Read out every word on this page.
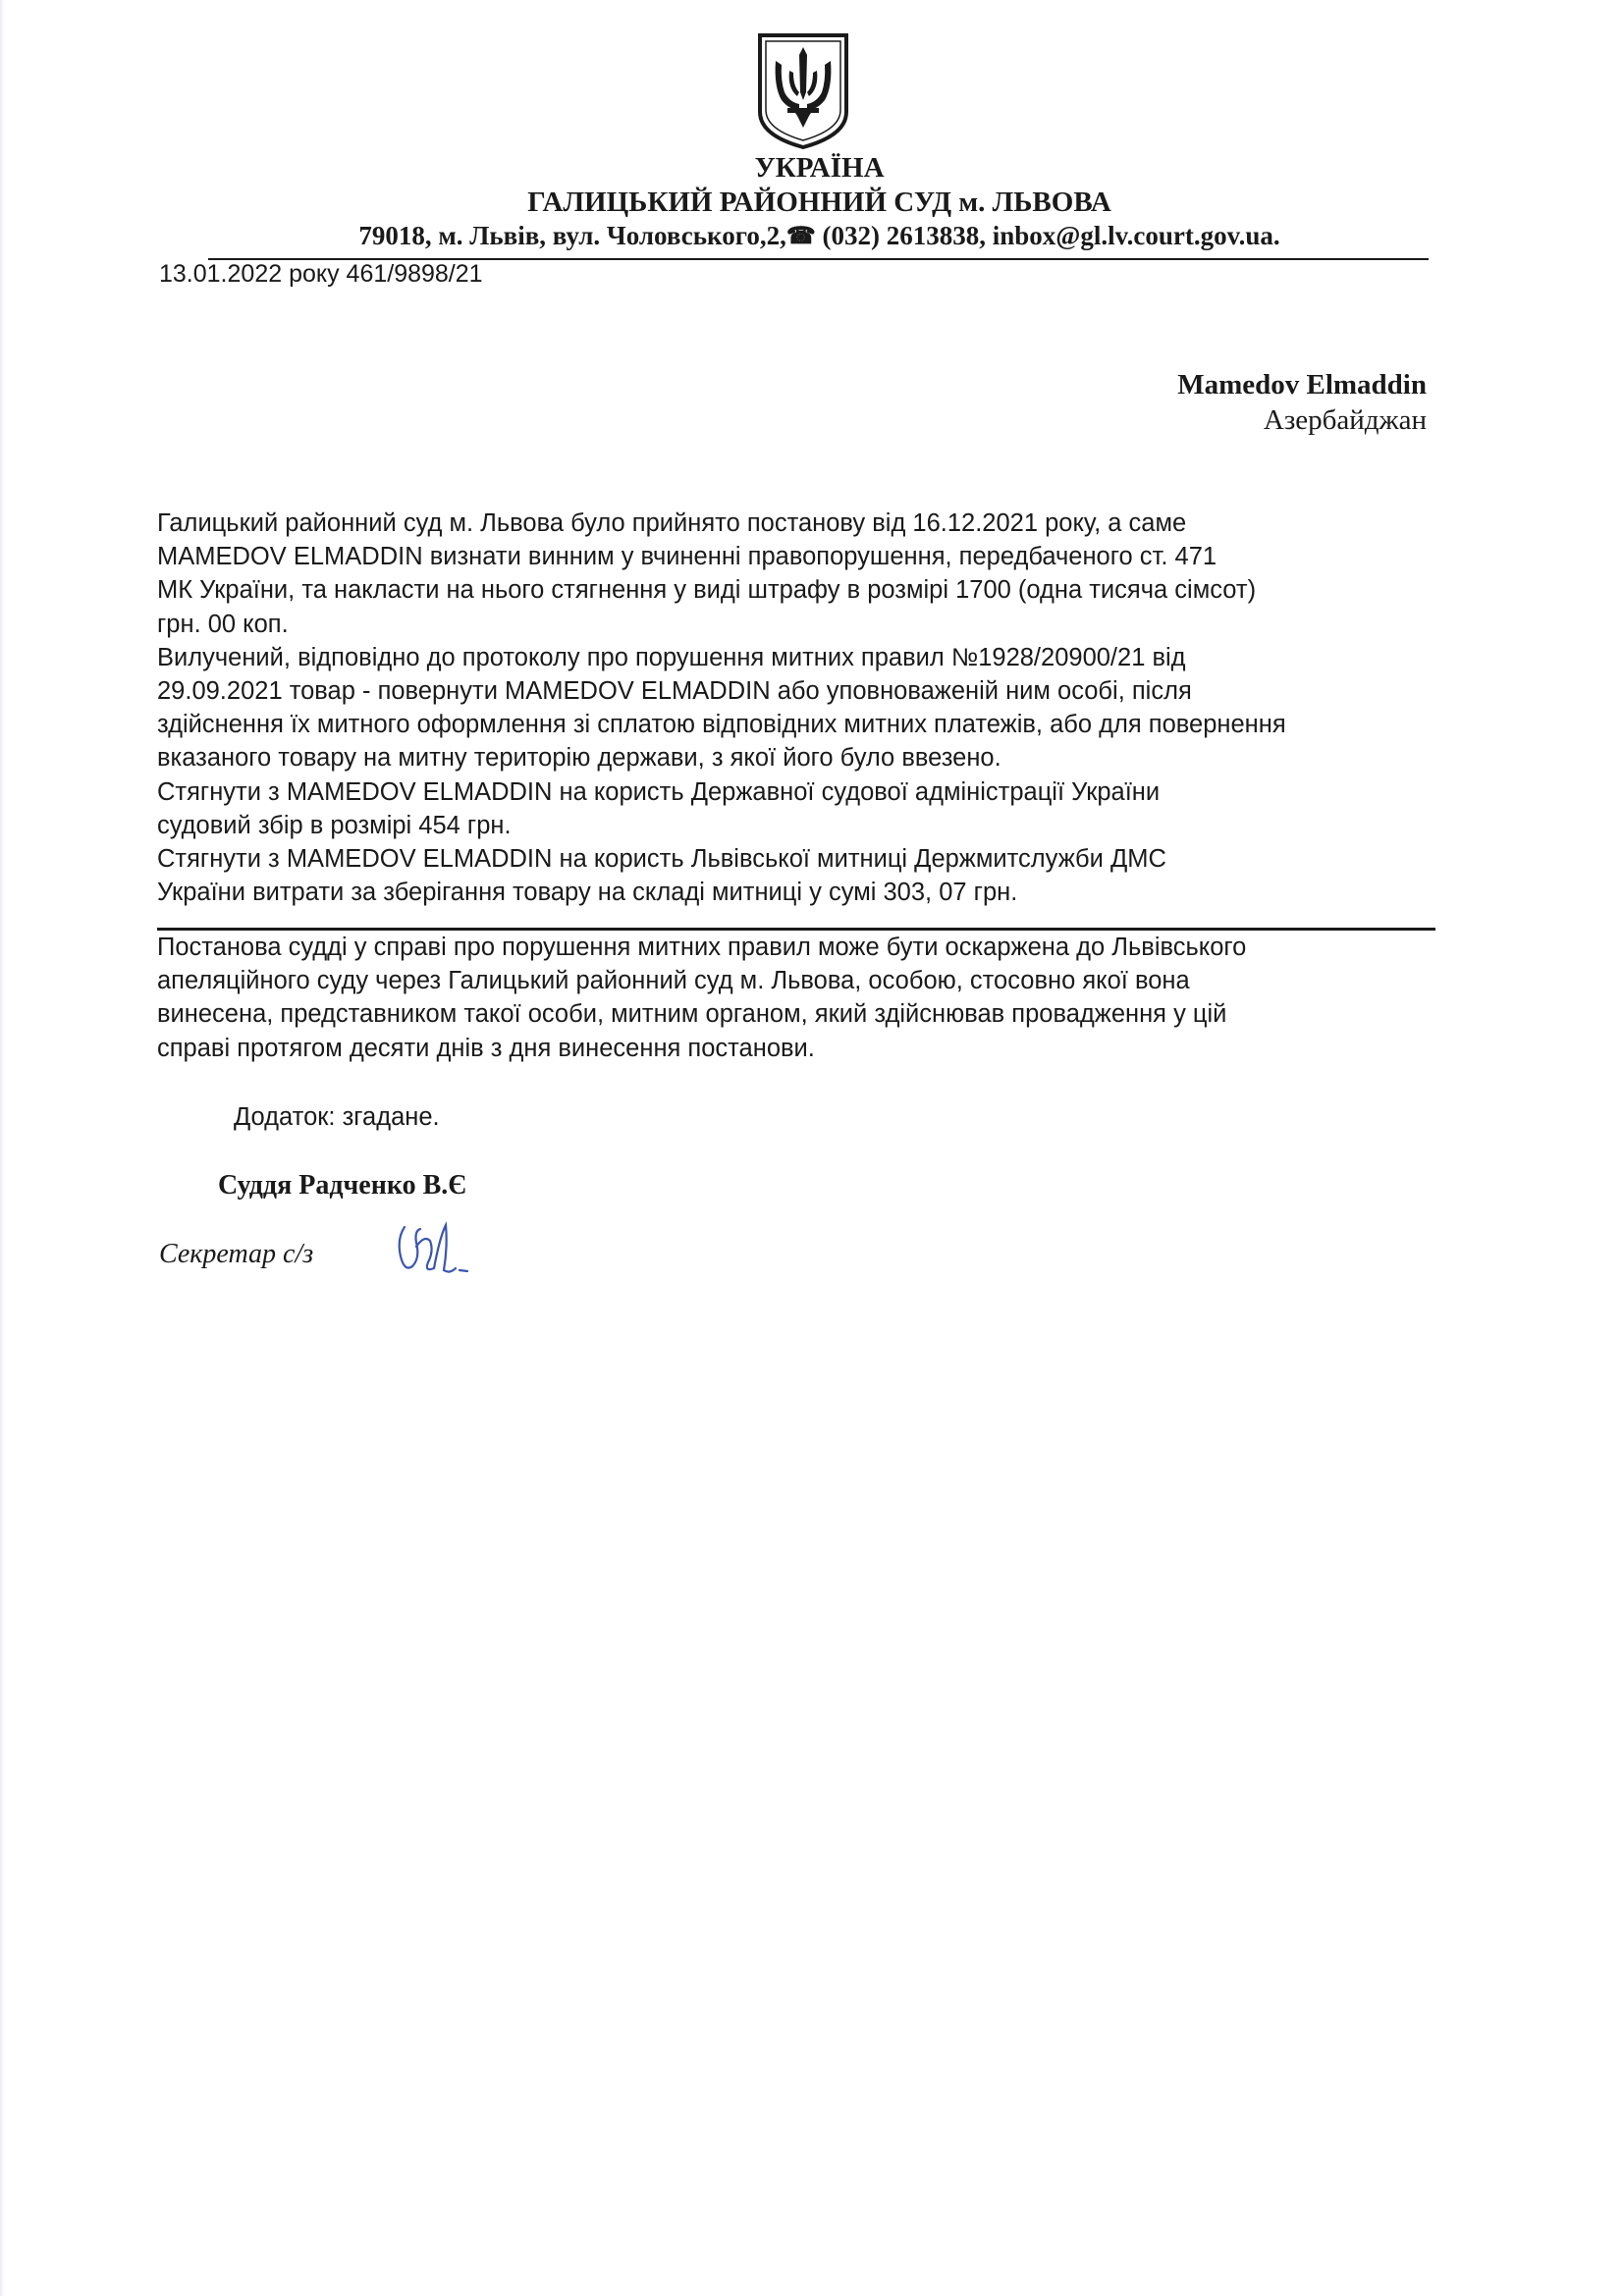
УКРАЇНА
ГАЛИЦЬКИЙ РАЙОННИЙ СУД м. ЛЬВОВА
79018, м. Львів, вул. Чоловського,2,☎ (032) 2613838, inbox@gl.lv.court.gov.ua.
13.01.2022 року 461/9898/21
Mamedov Elmaddin
Азербайджан
Галицький районний суд м. Львова було прийнято постанову від 16.12.2021 року, а саме
MAMEDOV ELMADDIN визнати винним у вчиненні правопорушення, передбаченого ст. 471
МК України, та накласти на нього стягнення у виді штрафу в розмірі 1700 (одна тисяча сімсот)
грн. 00 коп.
Вилучений, відповідно до протоколу про порушення митних правил №1928/20900/21 від
29.09.2021 товар - повернути MAMEDOV ELMADDIN або уповноваженій ним особі, після
здійснення їх митного оформлення зі сплатою відповідних митних платежів, або для повернення
вказаного товару на митну територію держави, з якої його було ввезено.
Стягнути з MAMEDOV ELMADDIN на користь Державної судової адміністрації України
судовий збір в розмірі 454 грн.
Стягнути з MAMEDOV ELMADDIN на користь Львівської митниці Держмитслужби ДМС
України витрати за зберігання товару на складі митниці у сумі 303, 07 грн.
Постанова судді у справі про порушення митних правил може бути оскаржена до Львівського
апеляційного суду через Галицький районний суд м. Львова, особою, стосовно якої вона
винесена, представником такої особи, митним органом, який здійснював провадження у цій
справі протягом десяти днів з дня винесення постанови.
Додаток: згадане.
Суддя Радченко В.Є
Секретар с/з
